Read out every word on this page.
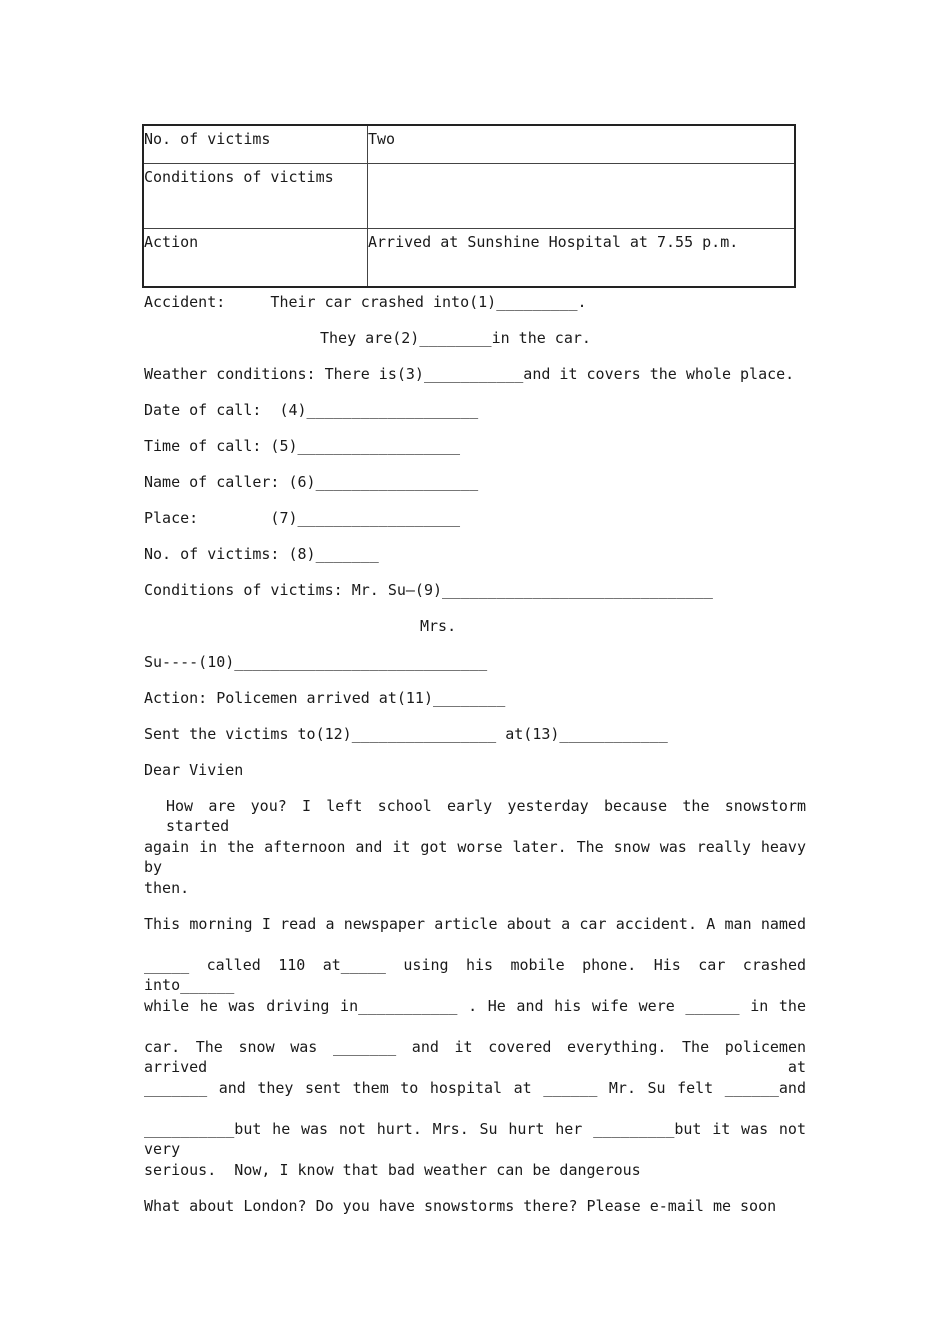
No. of victims	Two
Conditions of victims	
Action	Arrived at Sunshine Hospital at 7.55 p.m.
Accident:     Their car crashed into(1)_________.
They are(2)________in the car.
Weather conditions: There is(3)___________and it covers the whole place.
Date of call:  (4)___________________
Time of call: (5)__________________
Name of caller: (6)__________________
Place:        (7)__________________
No. of victims: (8)_______
Conditions of victims: Mr. Su—(9)______________________________
Mrs.
Su----(10)____________________________
Action: Policemen arrived at(11)________
Sent the victims to(12)________________ at(13)____________
Dear Vivien
How are you? I left school early yesterday because the snowstorm started
again in the afternoon and it got worse later. The snow was really heavy by
then.
This morning I read a newspaper article about a car accident. A man named
_____ called 110 at_____ using his mobile phone. His car crashed into______
while he was driving in___________ . He and his wife were ______ in the
car. The snow was _______ and it covered everything. The policemen arrived at
_______ and they sent them to hospital at ______ Mr. Su felt ______and
__________but he was not hurt. Mrs. Su hurt her _________but it was not very
serious.  Now, I know that bad weather can be dangerous
What about London? Do you have snowstorms there? Please e-mail me soon
